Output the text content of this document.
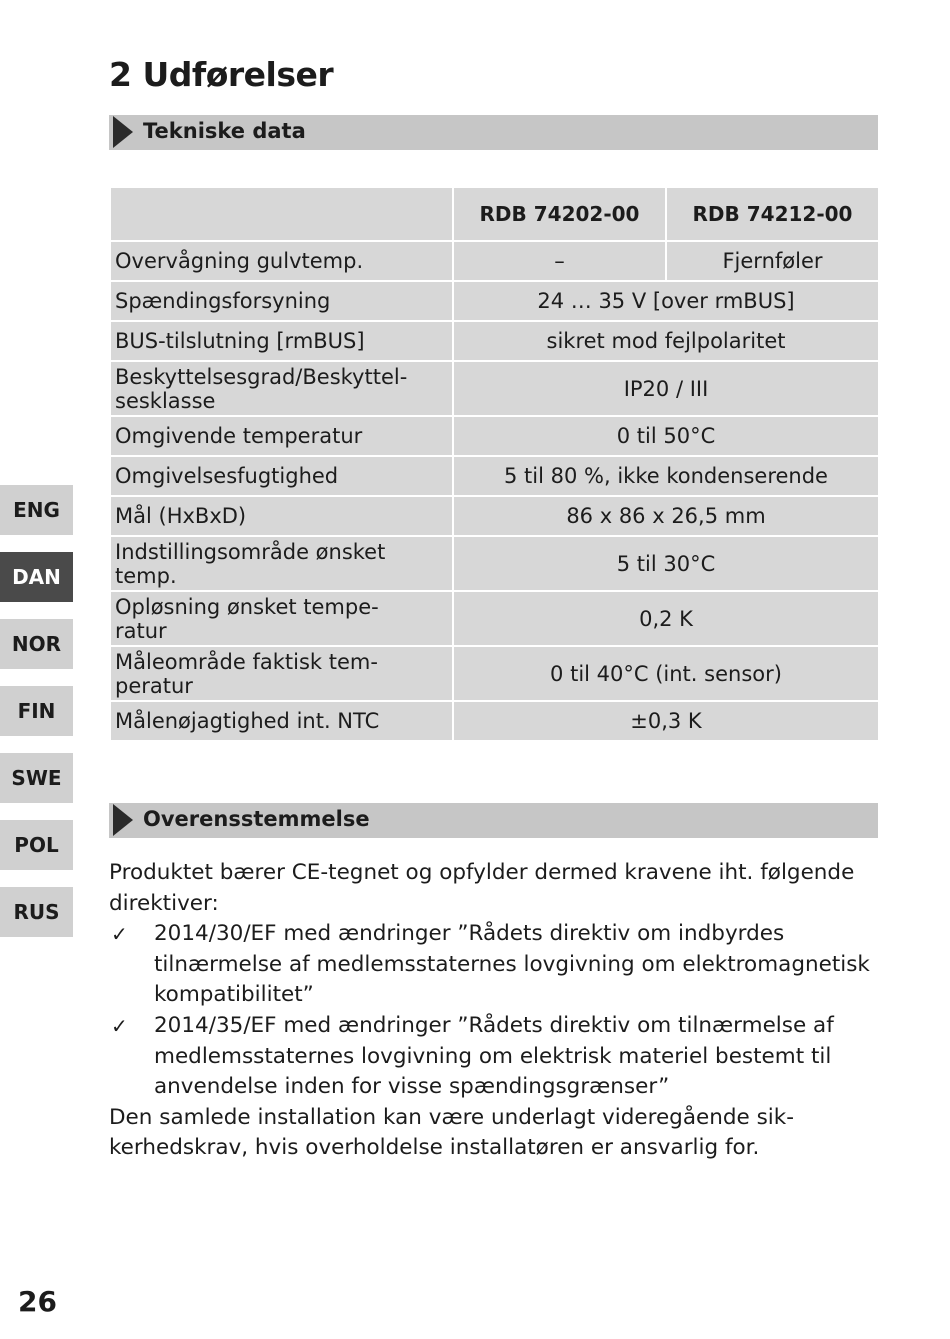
2 Udførelser
Tekniske data
	RDB 74202-00	RDB 74212-00
Overvågning gulvtemp.	–	Fjernføler
Spændingsforsyning	24 … 35 V [over rmBUS]	
BUS-tilslutning [rmBUS]	sikret mod fejlpolaritet	
Beskyttelsesgrad/Beskyttel-
sesklasse	IP20 / III	
Omgivende temperatur	0 til 50°C	
Omgivelsesfugtighed	5 til 80 %, ikke kondenserende	
Mål (HxBxD)	86 x 86 x 26,5 mm	
Indstillingsområde ønsket
temp.	5 til 30°C	
Opløsning ønsket tempe-
ratur	0,2 K	
Måleområde faktisk tem-
peratur	0 til 40°C (int. sensor)	
Målenøjagtighed int. NTC	±0,3 K	
Overensstemmelse

Produktet bærer CE-tegnet og opfylder dermed kravene iht. følgende direktiver:

✓ 2014/30/EF med ændringer ”Rådets direktiv om indbyrdes tilnærmelse af medlemsstaternes lovgivning om elektromagnetisk kompatibilitet”

✓ 2014/35/EF med ændringer ”Rådets direktiv om tilnærmelse af medlemsstaternes lovgivning om elektrisk materiel bestemt til anvendelse inden for visse spændingsgrænser”

Den samlede installation kan være underlagt videregående sikkerhedskrav, hvis overholdelse installatøren er ansvarlig for.

ENG
DAN
NOR
FIN
SWE
POL
RUS
26
